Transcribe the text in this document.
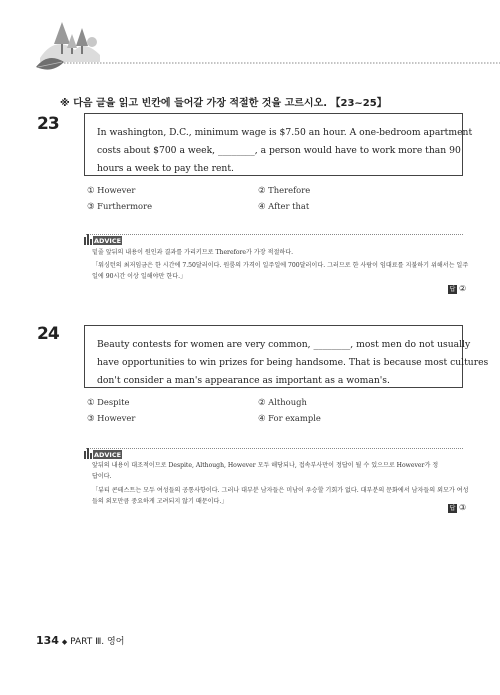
※ 다음 글을 읽고 빈칸에 들어갈 가장 적절한 것을 고르시오. 【23~25】
23	In washington, D.C., minimum wage is $7.50 an hour. A one-bedroom apartment
costs about $700 a week, ________, a person would have to work more than 90
hours a week to pay the rent.
① However	② Therefore
③ Furthermore	④ After that
ADVICE
밑줄 앞뒤의 내용이 원인과 결과를 가리키므로 Therefore가 가장 적절하다.
「워싱턴의 최저임금은 한 시간에 7.50달러이다. 원룸의 가격이 일주일에 700달러이다. 그러므로 한 사람이 임대료를 지불하기 위해서는 일주
일에 90시간 이상 일해야만 한다.」
답 ②
24
Beauty contests for women are very common, ________, most men do not usually
have opportunities to win prizes for being handsome. That is because most cultures
don't consider a man's appearance as important as a woman's.
① Despite	② Although
③ However	④ For example
ADVICE
앞뒤의 내용이 대조적이므로 Despite, Although, However 모두 해당되나, 접속부사만이 정답이 될 수 있으므로 However가 정
답이다.
「뷰티 콘테스트는 모두 여성들의 공통사항이다. 그러나 대부분 남자들은 미남이 우승할 기회가 없다. 대부분의 문화에서 남자들의 외모가 여성
들의 외모만큼 중요하게 고려되지 않기 때문이다.」
답 ③
134 ◆ PART Ⅲ. 영어
